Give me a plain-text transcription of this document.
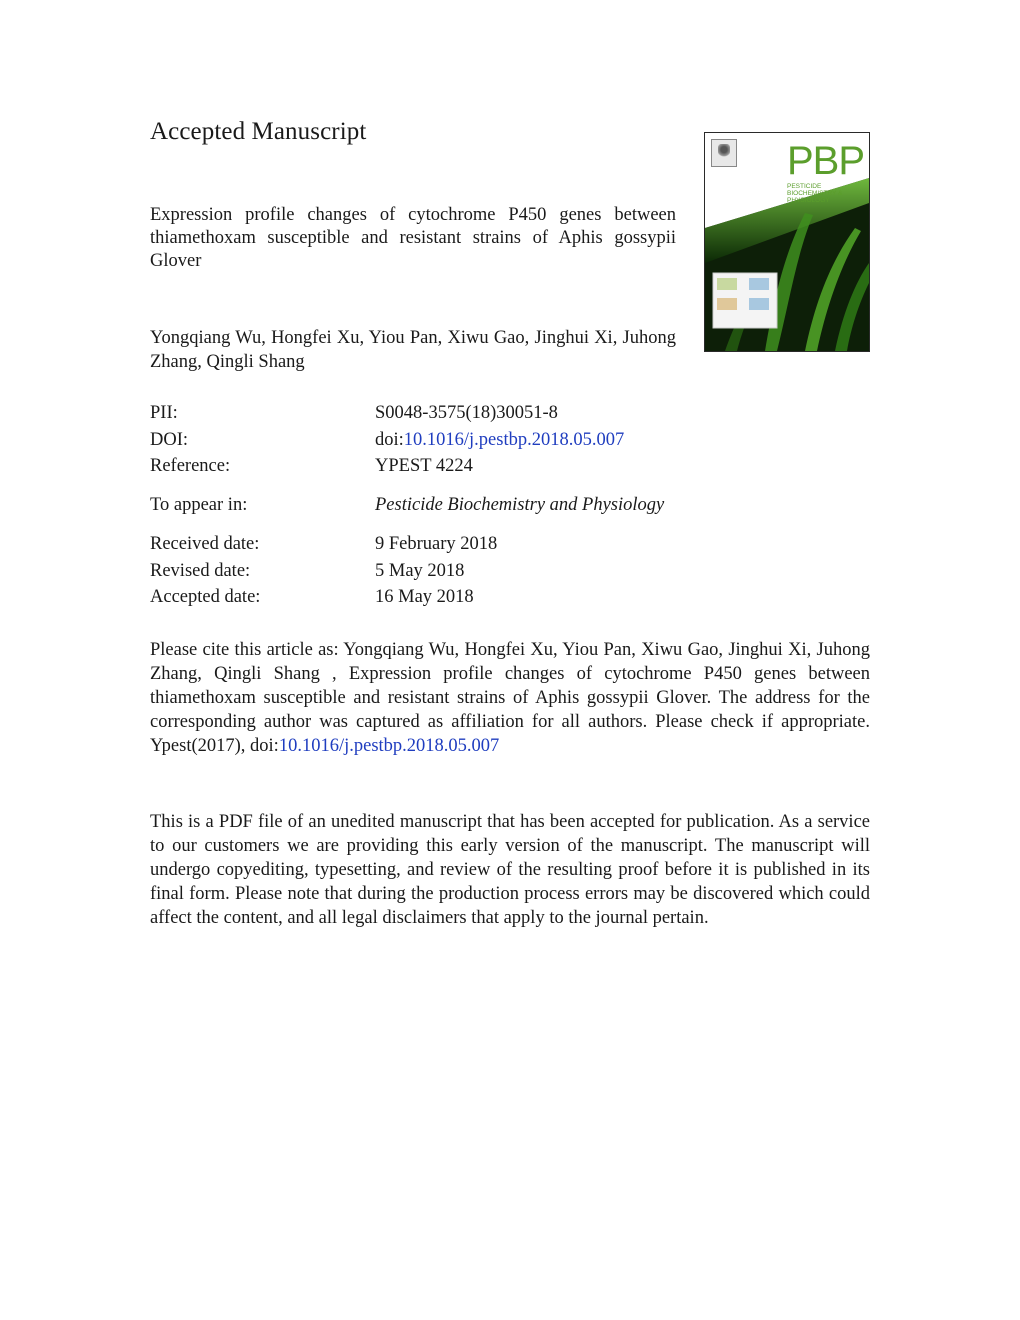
Accepted Manuscript
Expression profile changes of cytochrome P450 genes between thiamethoxam susceptible and resistant strains of Aphis gossypii Glover
Yongqiang Wu, Hongfei Xu, Yiou Pan, Xiwu Gao, Jinghui Xi, Juhong Zhang, Qingli Shang
PBP
PESTICIDE BIOCHEMISTRY & PHYSIOLOGY
PII:	S0048-3575(18)30051-8
DOI:	doi:10.1016/j.pestbp.2018.05.007
Reference:	YPEST 4224
To appear in:	Pesticide Biochemistry and Physiology
Received date:	9 February 2018
Revised date:	5 May 2018
Accepted date:	16 May 2018
Please cite this article as: Yongqiang Wu, Hongfei Xu, Yiou Pan, Xiwu Gao, Jinghui Xi, Juhong Zhang, Qingli Shang , Expression profile changes of cytochrome P450 genes between thiamethoxam susceptible and resistant strains of Aphis gossypii Glover. The address for the corresponding author was captured as affiliation for all authors. Please check if appropriate. Ypest(2017), doi:10.1016/j.pestbp.2018.05.007
This is a PDF file of an unedited manuscript that has been accepted for publication. As a service to our customers we are providing this early version of the manuscript. The manuscript will undergo copyediting, typesetting, and review of the resulting proof before it is published in its final form. Please note that during the production process errors may be discovered which could affect the content, and all legal disclaimers that apply to the journal pertain.
